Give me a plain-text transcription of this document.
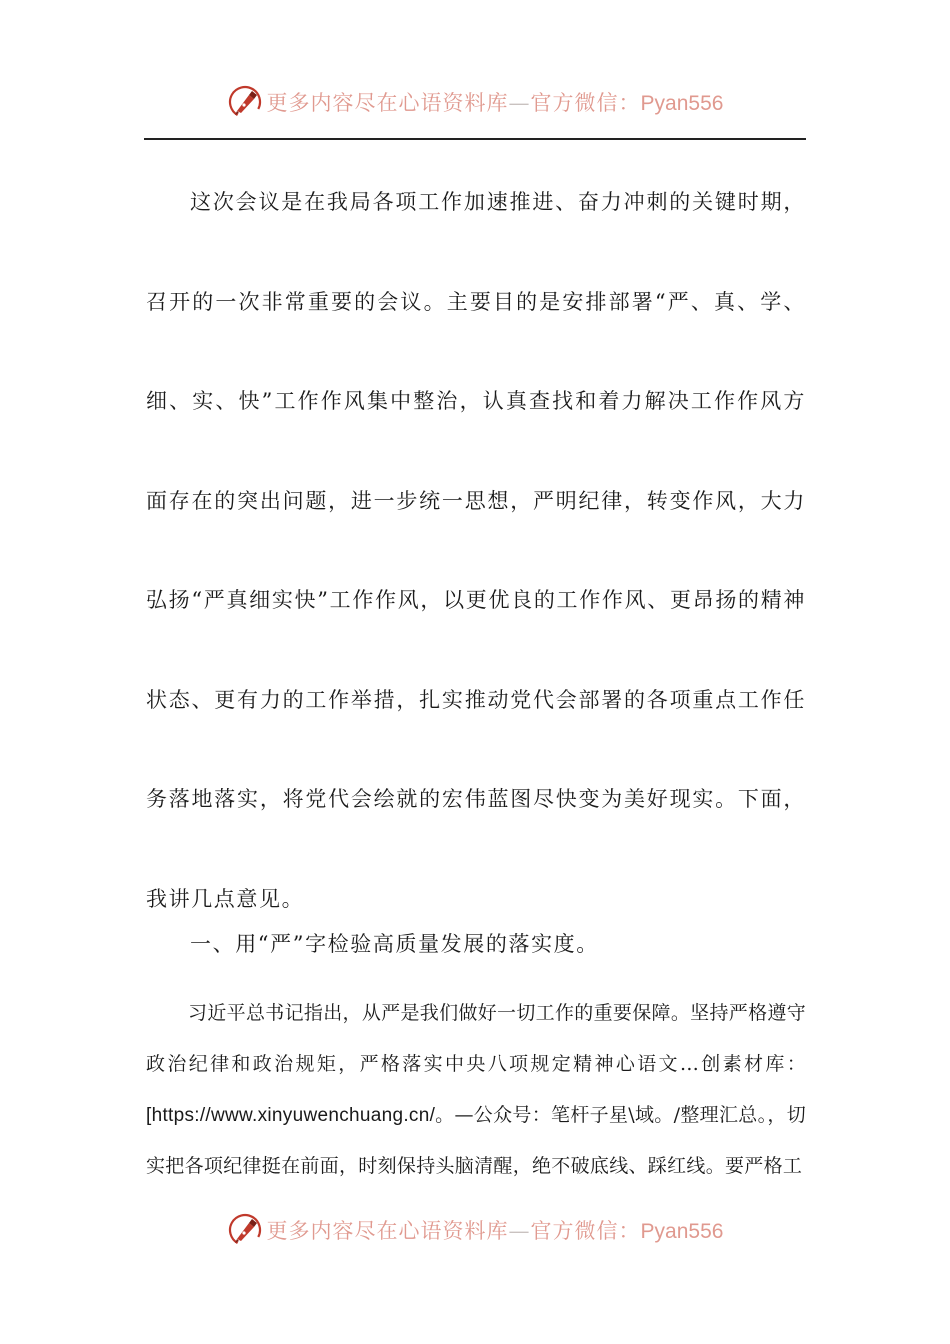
更多内容尽在心语资料库—官方微信：Pyan556

这次会议是在我局各项工作加速推进、奋力冲刺的关键时期，召开的一次非常重要的会议。主要目的是安排部署“严、真、学、细、实、快”工作作风集中整治，认真查找和着力解决工作作风方面存在的突出问题，进一步统一思想，严明纪律，转变作风，大力弘扬“严真细实快”工作作风，以更优良的工作作风、更昂扬的精神状态、更有力的工作举措，扎实推动党代会部署的各项重点工作任务落地落实，将党代会绘就的宏伟蓝图尽快变为美好现实。下面，我讲几点意见。

一、用“严”字检验高质量发展的落实度。

习近平总书记指出，从严是我们做好一切工作的重要保障。坚持严格遵守政治纪律和政治规矩，严格落实中央八项规定精神心语文…创素材库：[https://www.xinyuwenchuang.cn/。—公众号：笔杆子星\域。/整理汇总。，切实把各项纪律挺在前面，时刻保持头脑清醒，绝不破底线、踩红线。要严格工

更多内容尽在心语资料库—官方微信：Pyan556
